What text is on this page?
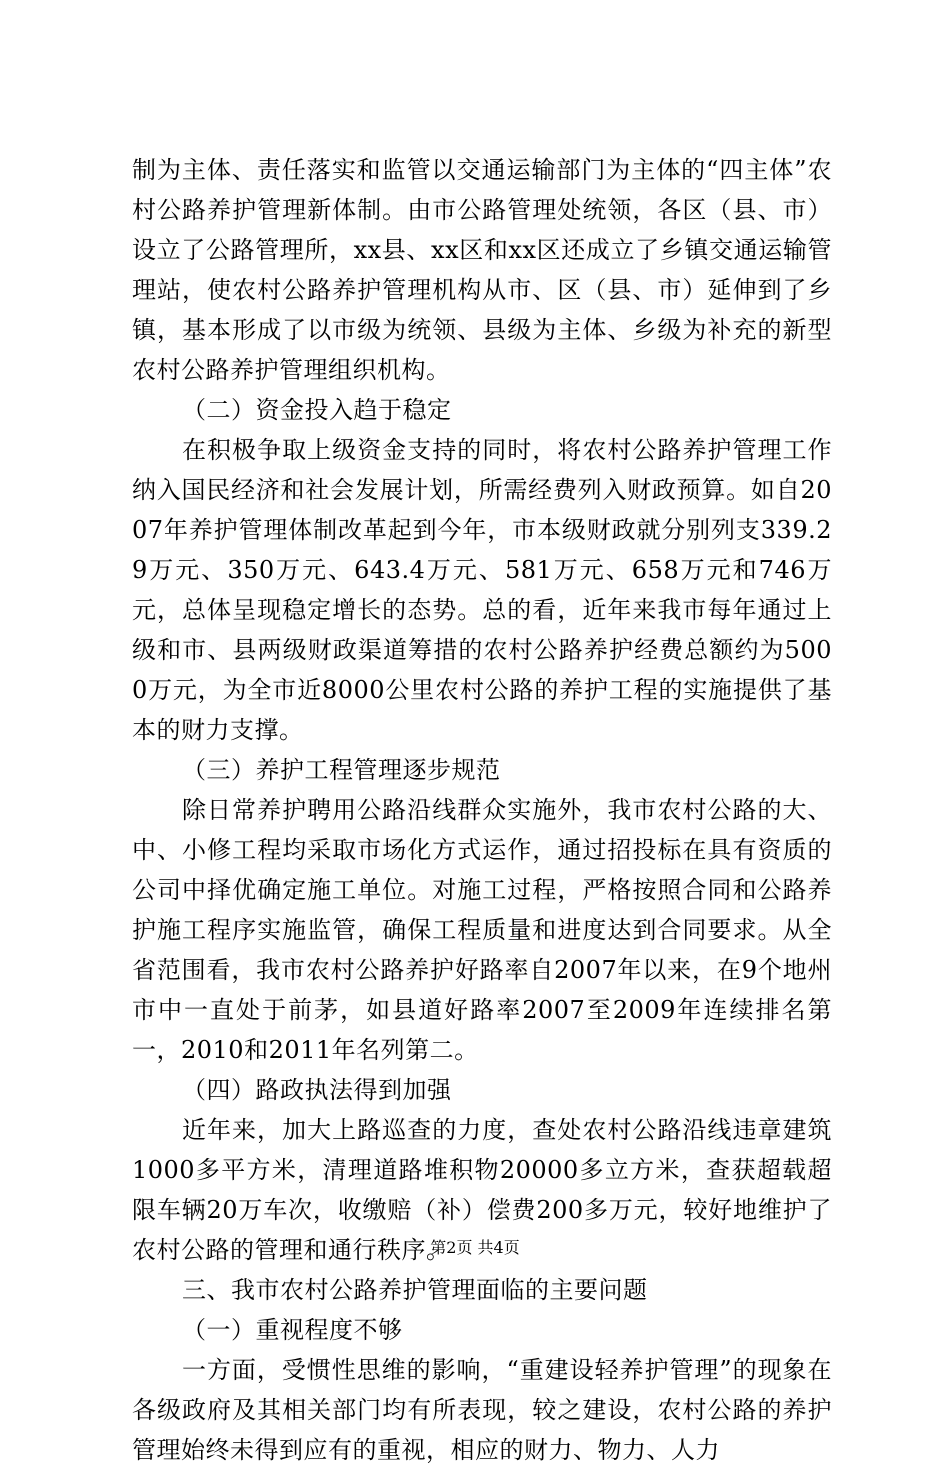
制为主体、责任落实和监管以交通运输部门为主体的“四主体”农村公路养护管理新体制。由市公路管理处统领，各区（县、市）设立了公路管理所，xx县、xx区和xx区还成立了乡镇交通运输管理站，使农村公路养护管理机构从市、区（县、市）延伸到了乡镇，基本形成了以市级为统领、县级为主体、乡级为补充的新型农村公路养护管理组织机构。

（二）资金投入趋于稳定

在积极争取上级资金支持的同时，将农村公路养护管理工作纳入国民经济和社会发展计划，所需经费列入财政预算。如自2007年养护管理体制改革起到今年，市本级财政就分别列支339.29万元、350万元、643.4万元、581万元、658万元和746万元，总体呈现稳定增长的态势。总的看，近年来我市每年通过上级和市、县两级财政渠道筹措的农村公路养护经费总额约为5000万元，为全市近8000公里农村公路的养护工程的实施提供了基本的财力支撑。

（三）养护工程管理逐步规范

除日常养护聘用公路沿线群众实施外，我市农村公路的大、中、小修工程均采取市场化方式运作，通过招投标在具有资质的公司中择优确定施工单位。对施工过程，严格按照合同和公路养护施工程序实施监管，确保工程质量和进度达到合同要求。从全省范围看，我市农村公路养护好路率自2007年以来，在9个地州市中一直处于前茅，如县道好路率2007至2009年连续排名第一，2010和2011年名列第二。

（四）路政执法得到加强

近年来，加大上路巡查的力度，查处农村公路沿线违章建筑1000多平方米，清理道路堆积物20000多立方米，查获超载超限车辆20万车次，收缴赔（补）偿费200多万元，较好地维护了农村公路的管理和通行秩序。

三、我市农村公路养护管理面临的主要问题

（一）重视程度不够

一方面，受惯性思维的影响，“重建设轻养护管理”的现象在各级政府及其相关部门均有所表现，较之建设，农村公路的养护管理始终未得到应有的重视，相应的财力、物力、人力

第2页 共4页
